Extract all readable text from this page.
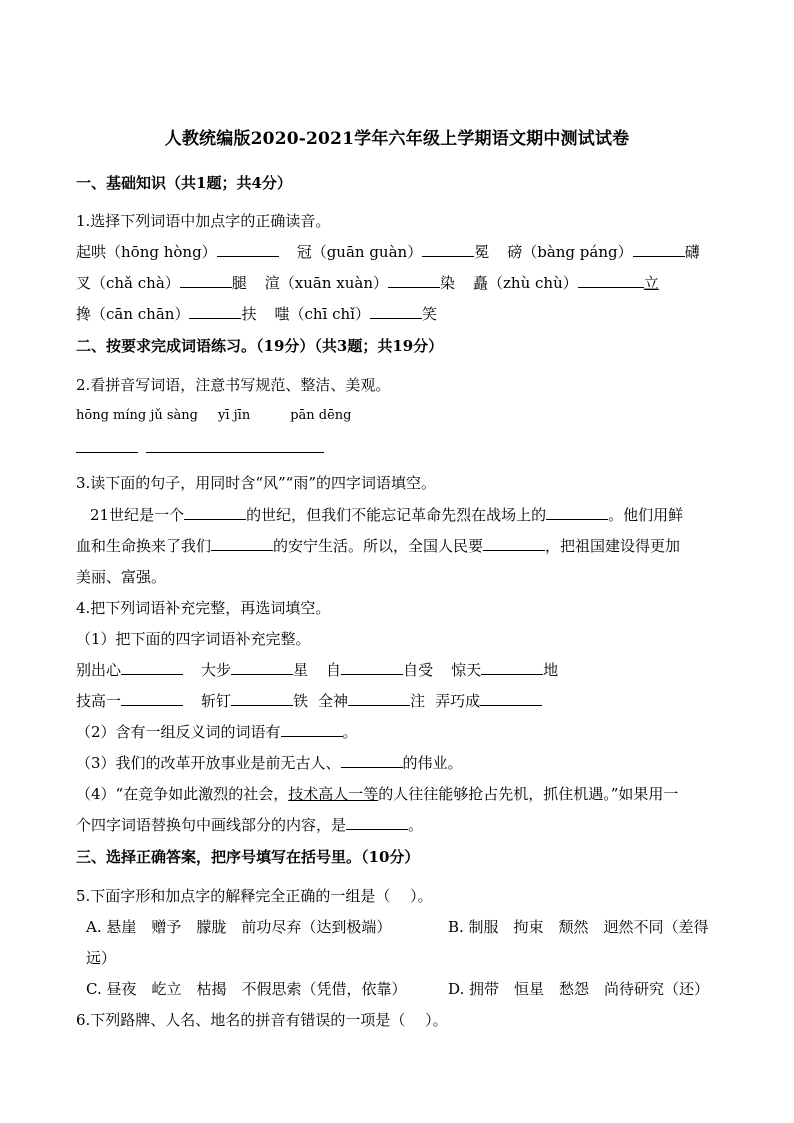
人教统编版2020-2021学年六年级上学期语文期中测试试卷
一、基础知识（共1题；共4分）
1.选择下列词语中加点字的正确读音。
起哄（hōng hòng）	冠（guān guàn）	冕 磅（bàng páng）	礴
叉（chǎ chà）	腿 渲（xuān xuàn）	染 矗（zhù chù）	立
搀（cān chān）	扶 嗤（chī chǐ）	笑
二、按要求完成词语练习。（19分）（共3题；共19分）
2.看拼音写词语，注意书写规范、整洁、美观。
hōng míng jǔ sàng yī jīn	pān dēng
3.读下面的句子，用同时含“风”“雨”的四字词语填空。
21世纪是一个	的世纪，但我们不能忘记革命先烈在战场上的	。他们用鲜
血和生命换来了我们	的安宁生活。所以，全国人民要	，把祖国建设得更加
美丽、富强。
4.把下列词语补充完整，再选词填空。
（1）把下面的四字词语补充完整。
别出心	大步	星 自	自受 惊天	地
技高一	斩钉	铁 全神	注 弄巧成
（2）含有一组反义词的词语有	。
（3）我们的改革开放事业是前无古人、	的伟业。
（4）“在竞争如此激烈的社会，技术高人一等的人往往能够抢占先机，抓住机遇。”如果用一
个四字词语替换句中画线部分的内容，是	。
三、选择正确答案，把序号填写在括号里。（10分）
5.下面字形和加点字的解释完全正确的一组是（　 ）。
A. 悬崖　赠予　朦胧　前功尽弃（达到极端）	B. 制服　拘束　颓然　迥然不同（差得
远）
C. 昼夜　屹立　枯揭　不假思索（凭借，依靠）	D. 拥带　恒星　愁怨　尚待研究（还）
6.下列路牌、人名、地名的拼音有错误的一项是（　 ）。
